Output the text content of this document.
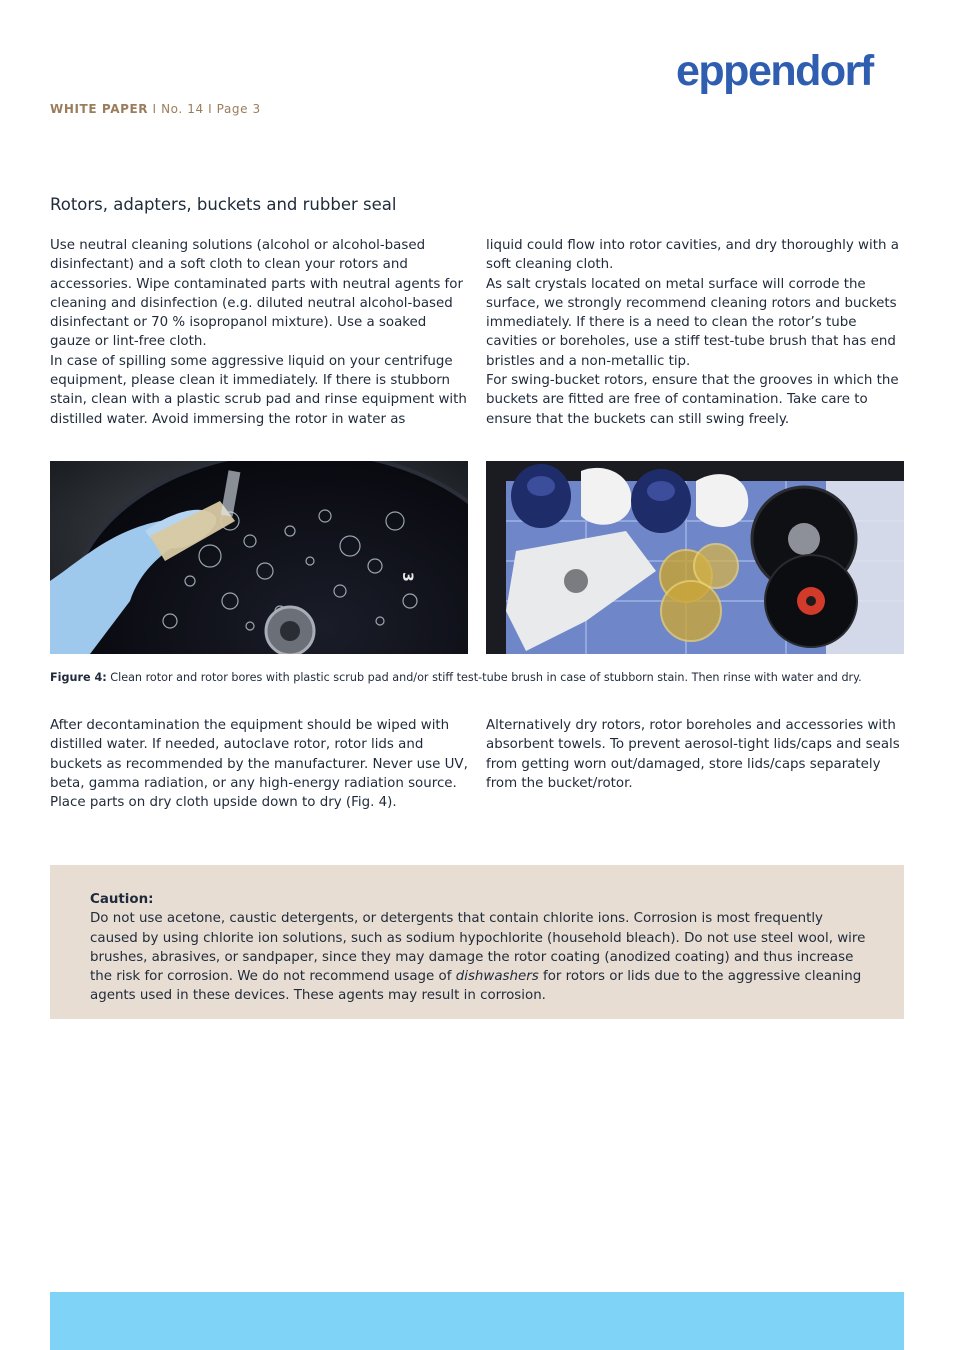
eppendorf
WHITE PAPER I No. 14 I Page 3
Rotors, adapters, buckets and rubber seal

Use neutral cleaning solutions (alcohol or alcohol-based disinfectant) and a soft cloth to clean your rotors and accessories. Wipe contaminated parts with neutral agents for cleaning and disinfection (e.g. diluted neutral alcohol-based disinfectant or 70 % isopropanol mixture). Use a soaked gauze or lint-free cloth.

In case of spilling some aggressive liquid on your centrifuge equipment, please clean it immediately. If there is stubborn stain, clean with a plastic scrub pad and rinse equipment with distilled water. Avoid immersing the rotor in water as

liquid could flow into rotor cavities, and dry thoroughly with a soft cleaning cloth.

As salt crystals located on metal surface will corrode the surface, we strongly recommend cleaning rotors and buckets immediately. If there is a need to clean the rotor’s tube cavities or boreholes, use a stiff test-tube brush that has end bristles and a non-metallic tip.

For swing-bucket rotors, ensure that the grooves in which the buckets are fitted are free of contamination. Take care to ensure that the buckets can still swing freely.

3
Figure 4: Clean rotor and rotor bores with plastic scrub pad and/or stiff test-tube brush in case of stubborn stain. Then rinse with water and dry.

After decontamination the equipment should be wiped with distilled water. If needed, autoclave rotor, rotor lids and buckets as recommended by the manufacturer. Never use UV, beta, gamma radiation, or any high-energy radiation source. Place parts on dry cloth upside down to dry (Fig. 4).

Alternatively dry rotors, rotor boreholes and accessories with absorbent towels. To prevent aerosol-tight lids/caps and seals from getting worn out/damaged, store lids/caps separately from the bucket/rotor.

Caution:
Do not use acetone, caustic detergents, or detergents that contain chlorite ions. Corrosion is most frequently caused by using chlorite ion solutions, such as sodium hypochlorite (household bleach). Do not use steel wool, wire brushes, abrasives, or sandpaper, since they may damage the rotor coating (anodized coating) and thus increase the risk for corrosion. We do not recommend usage of dishwashers for rotors or lids due to the aggressive cleaning agents used in these devices. These agents may result in corrosion.
